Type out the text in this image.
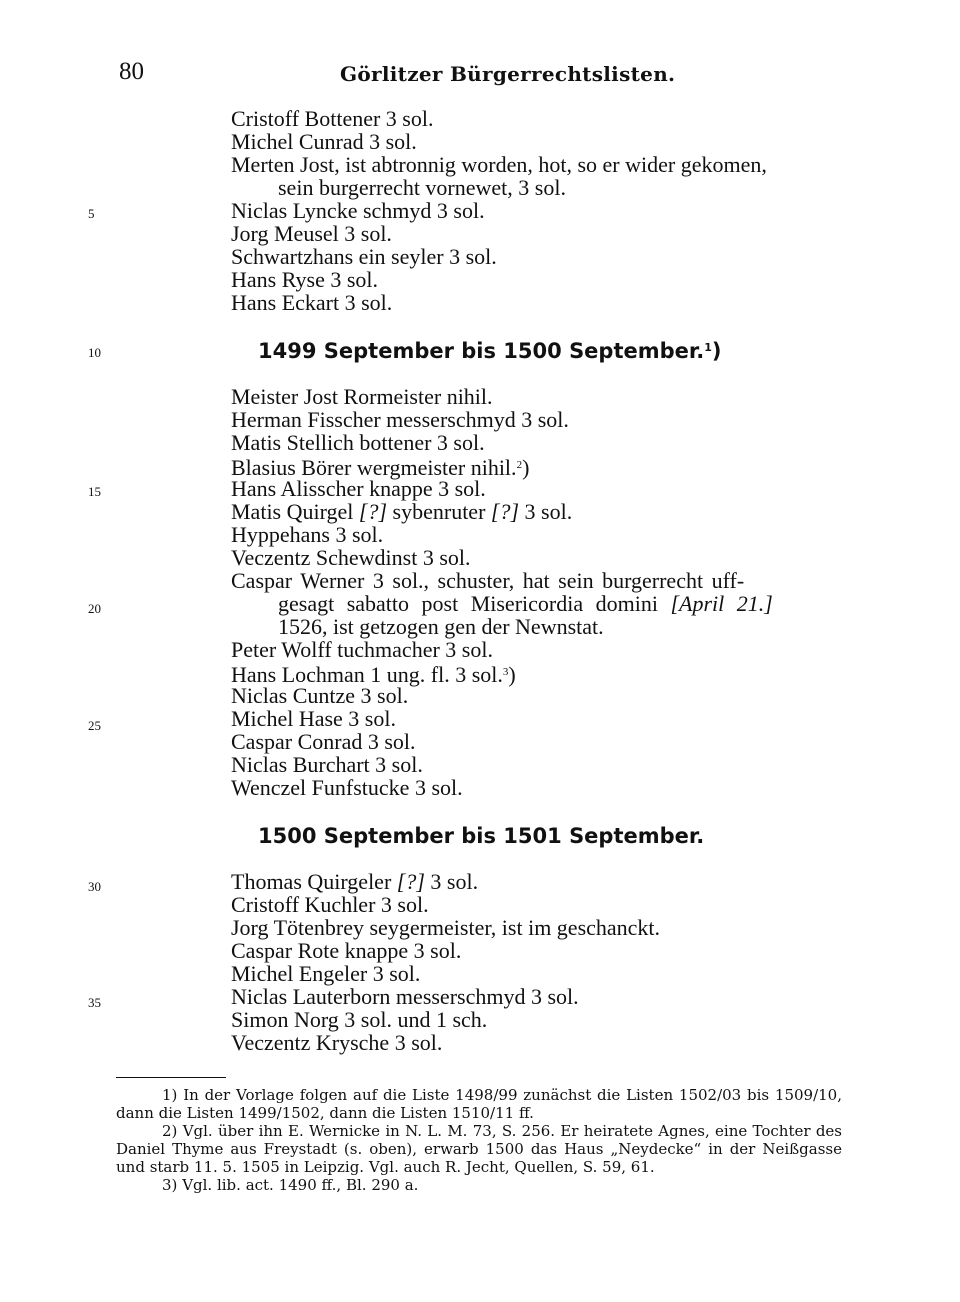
80	Görlitzer Bürgerrechtslisten.
5
10
15
20
25
30
35
Cristoff Bottener 3 sol.
Michel Cunrad 3 sol.
Merten Jost, ist abtronnig worden, hot, so er wider gekomen,
sein burgerrecht vornewet, 3 sol.
Niclas Lyncke schmyd 3 sol.
Jorg Meusel 3 sol.
Schwartzhans ein seyler 3 sol.
Hans Ryse 3 sol.
Hans Eckart 3 sol.
1499 September bis 1500 September.$^1$)
Meister Jost Rormeister nihil.
Herman Fisscher messerschmyd 3 sol.
Matis Stellich bottener 3 sol.
Blasius Börer wergmeister nihil.$^2$)
Hans Alisscher knappe 3 sol.
Matis Quirgel [?] sybenruter [?] 3 sol.
Hyppehans 3 sol.
Veczentz Schewdinst 3 sol.
Caspar Werner 3 sol., schuster, hat sein burgerrecht uff-
gesagt sabatto post Misericordia domini [April 21.]
1526, ist getzogen gen der Newnstat.
Peter Wolff tuchmacher 3 sol.
Hans Lochman 1 ung. fl. 3 sol.$^3$)
Niclas Cuntze 3 sol.
Michel Hase 3 sol.
Caspar Conrad 3 sol.
Niclas Burchart 3 sol.
Wenczel Funfstucke 3 sol.
1500 September bis 1501 September.
Thomas Quirgeler [?] 3 sol.
Cristoff Kuchler 3 sol.
Jorg Tötenbrey seygermeister, ist im geschanckt.
Caspar Rote knappe 3 sol.
Michel Engeler 3 sol.
Niclas Lauterborn messerschmyd 3 sol.
Simon Norg 3 sol. und 1 sch.
Veczentz Krysche 3 sol.

1) In der Vorlage folgen auf die Liste 1498/99 zunächst die Listen 1502/03 bis 1509/10, dann die Listen 1499/1502, dann die Listen 1510/11 ff.

2) Vgl. über ihn E. Wernicke in N. L. M. 73, S. 256. Er heiratete Agnes, eine Tochter des Daniel Thyme aus Freystadt (s. oben), erwarb 1500 das Haus „Neydecke“ in der Neißgasse und starb 11. 5. 1505 in Leipzig. Vgl. auch R. Jecht, Quellen, S. 59, 61.

3) Vgl. lib. act. 1490 ff., Bl. 290 a.
